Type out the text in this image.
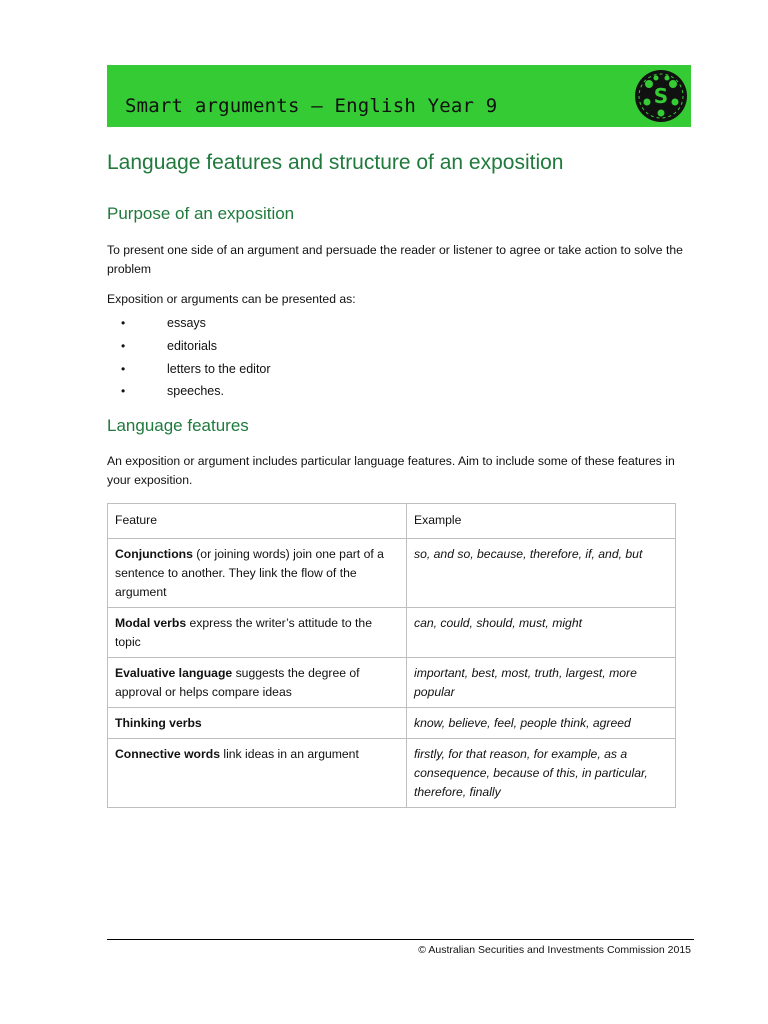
Smart arguments – English Year 9	S
Language features and structure of an exposition
Purpose of an exposition
To present one side of an argument and persuade the reader or listener to agree or take action to solve the problem
Exposition or arguments can be presented as:
•	essays
•	editorials
•	letters to the editor
•	speeches.
Language features
An exposition or argument includes particular language features. Aim to include some of these features in your exposition.
Feature	Example
Conjunctions (or joining words) join one part of a sentence to another. They link the flow of the argument	so, and so, because, therefore, if, and, but
Modal verbs express the writer’s attitude to the topic	can, could, should, must, might
Evaluative language suggests the degree of approval or helps compare ideas	important, best, most, truth, largest, more popular
Thinking verbs	know, believe, feel, people think, agreed
Connective words link ideas in an argument	firstly, for that reason, for example, as a consequence, because of this, in particular, therefore, finally
© Australian Securities and Investments Commission 2015
